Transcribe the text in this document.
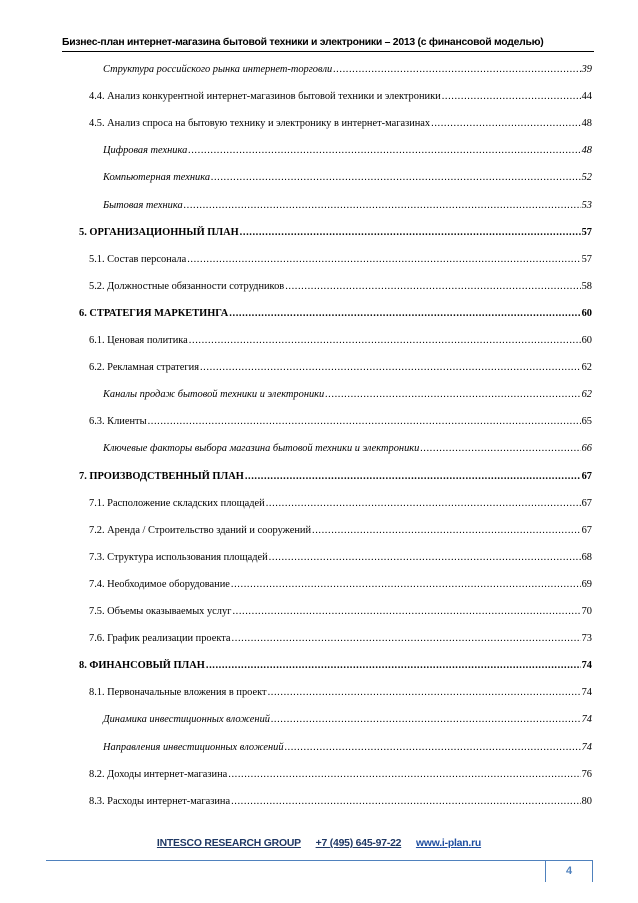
Бизнес-план интернет-магазина бытовой техники и электроники – 2013 (с финансовой моделью)
Структура российского рынка интернет-торговли .....	39
4.4. Анализ конкурентной интернет-магазинов бытовой техники и электроники .....	44
4.5. Анализ спроса на бытовую технику и электронику в интернет-магазинах .....	48
Цифровая техника .....	48
Компьютерная техника .....	52
Бытовая техника .....	53
5. ОРГАНИЗАЦИОННЫЙ ПЛАН .....	57
5.1. Состав персонала .....	57
5.2. Должностные обязанности сотрудников .....	58
6. СТРАТЕГИЯ МАРКЕТИНГА .....	60
6.1. Ценовая политика .....	60
6.2. Рекламная стратегия .....	62
Каналы продаж бытовой техники и электроники .....	62
6.3. Клиенты .....	65
Ключевые факторы выбора магазина бытовой техники и электроники .....	66
7. ПРОИЗВОДСТВЕННЫЙ ПЛАН .....	67
7.1. Расположение складских площадей .....	67
7.2. Аренда / Строительство зданий и сооружений .....	67
7.3. Структура использования площадей .....	68
7.4. Необходимое оборудование .....	69
7.5. Объемы оказываемых услуг .....	70
7.6. График реализации проекта .....	73
8. ФИНАНСОВЫЙ ПЛАН .....	74
8.1. Первоначальные вложения в проект .....	74
Динамика инвестиционных вложений .....	74
Направления инвестиционных вложений .....	74
8.2. Доходы интернет-магазина .....	76
8.3. Расходы интернет-магазина .....	80
INTESCO RESEARCH GROUP +7 (495) 645-97-22 www.i-plan.ru
4
